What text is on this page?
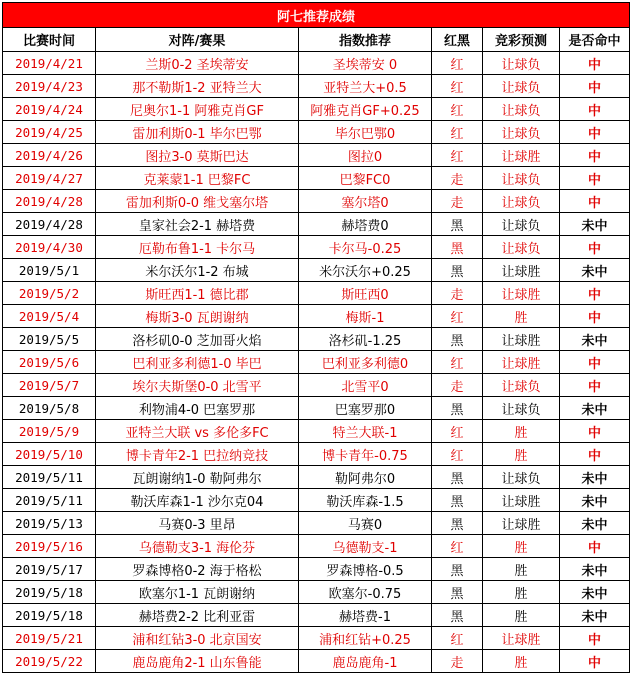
阿七推荐成绩					
比赛时间	对阵/赛果	指数推荐	红黑	竞彩预测	是否命中
2019/4/21	兰斯0-2 圣埃蒂安	圣埃蒂安 0	红	让球负	中
2019/4/23	那不勒斯1-2 亚特兰大	亚特兰大+0.5	红	让球负	中
2019/4/24	尼奥尔1-1 阿雅克肖GF	阿雅克肖GF+0.25	红	让球负	中
2019/4/25	雷加利斯0-1 毕尔巴鄂	毕尔巴鄂0	红	让球负	中
2019/4/26	图拉3-0 莫斯巴达	图拉0	红	让球胜	中
2019/4/27	克莱蒙1-1 巴黎FC	巴黎FC0	走	让球负	中
2019/4/28	雷加利斯0-0 维戈塞尔塔	塞尔塔0	走	让球负	中
2019/4/28	皇家社会2-1 赫塔费	赫塔费0	黑	让球负	未中
2019/4/30	厄勒布鲁1-1 卡尔马	卡尔马-0.25	黑	让球负	中
2019/5/1	米尔沃尔1-2 布城	米尔沃尔+0.25	黑	让球胜	未中
2019/5/2	斯旺西1-1 德比郡	斯旺西0	走	让球胜	中
2019/5/4	梅斯3-0 瓦朗谢纳	梅斯-1	红	胜	中
2019/5/5	洛杉矶0-0 芝加哥火焰	洛杉矶-1.25	黑	让球胜	未中
2019/5/6	巴利亚多利德1-0 毕巴	巴利亚多利德0	红	让球胜	中
2019/5/7	埃尔夫斯堡0-0 北雪平	北雪平0	走	让球负	中
2019/5/8	利物浦4-0 巴塞罗那	巴塞罗那0	黑	让球负	未中
2019/5/9	亚特兰大联 vs 多伦多FC	特兰大联-1	红	胜	中
2019/5/10	博卡青年2-1 巴拉纳竞技	博卡青年-0.75	红	胜	中
2019/5/11	瓦朗谢纳1-0 勒阿弗尔	勒阿弗尔0	黑	让球负	未中
2019/5/11	勒沃库森1-1 沙尔克04	勒沃库森-1.5	黑	让球胜	未中
2019/5/13	马赛0-3 里昂	马赛0	黑	让球胜	未中
2019/5/16	乌德勒支3-1 海伦芬	乌德勒支-1	红	胜	中
2019/5/17	罗森博格0-2 海于格松	罗森博格-0.5	黑	胜	未中
2019/5/18	欧塞尔1-1 瓦朗谢纳	欧塞尔-0.75	黑	胜	未中
2019/5/18	赫塔费2-2 比利亚雷	赫塔费-1	黑	胜	未中
2019/5/21	浦和红钻3-0 北京国安	浦和红钻+0.25	红	让球胜	中
2019/5/22	鹿岛鹿角2-1 山东鲁能	鹿岛鹿角-1	走	胜	中
